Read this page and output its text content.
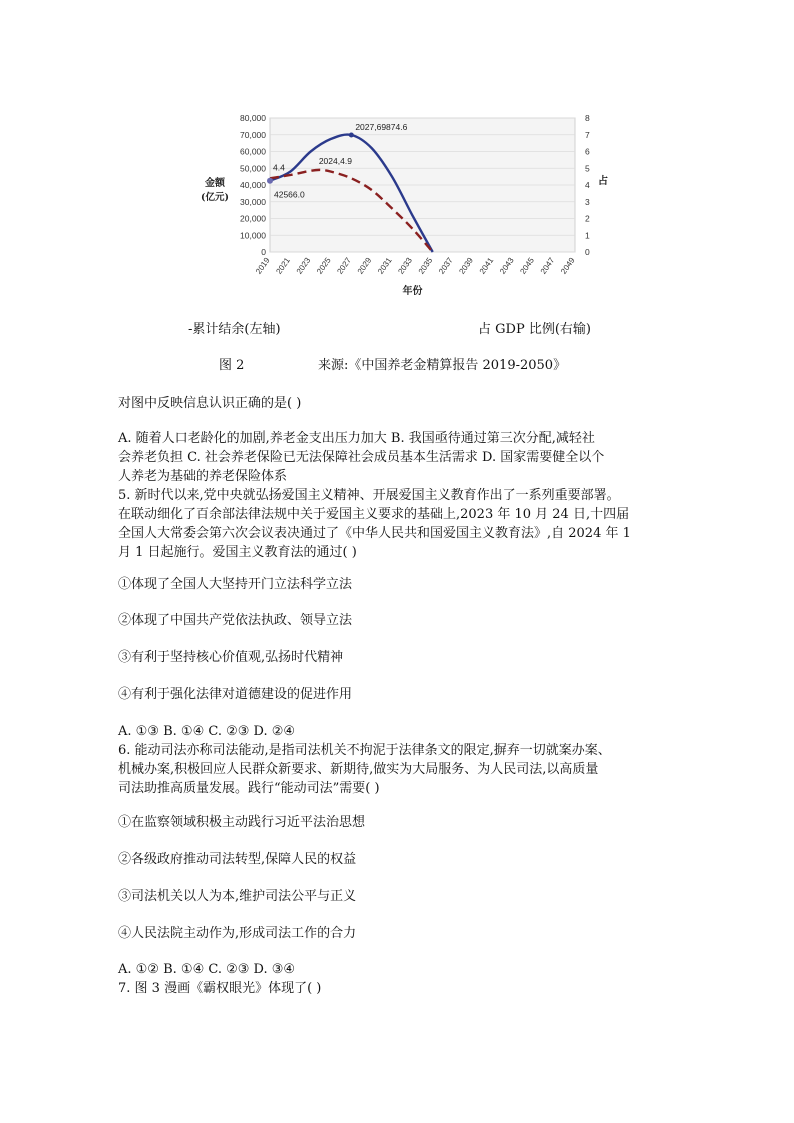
0
10,000
20,000
30,000
40,000
50,000
60,000
70,000
80,000
0
1
2
3
4
5
6
7
8
2019 2021 2023 2025 2027 2029 2031 2033 2035 2037 2039 2041 2043 2045 2047 2049
年份
金额
(亿元)
占
2027,69874.6
2024,4.9
4.4
42566.0
-累计结余(左轴)	占 GDP 比例(右输)
图 2	来源:《中国养老金精算报告 2019-2050》
对图中反映信息认识正确的是( )
A. 随着人口老龄化的加剧,养老金支出压力加大 B. 我国亟待通过第三次分配,减轻社
会养老负担 C. 社会养老保险已无法保障社会成员基本生活需求 D. 国家需要健全以个
人养老为基础的养老保险体系
5. 新时代以来,党中央就弘扬爱国主义精神、开展爱国主义教育作出了一系列重要部署。
在联动细化了百余部法律法规中关于爱国主义要求的基础上,2023 年 10 月 24 日,十四届
全国人大常委会第六次会议表决通过了《中华人民共和国爱国主义教育法》,自 2024 年 1
月 1 日起施行。爱国主义教育法的通过( )
①体现了全国人大坚持开门立法科学立法
②体现了中国共产党依法执政、领导立法
③有利于坚持核心价值观,弘扬时代精神
④有利于强化法律对道德建设的促进作用
A. ①③ B. ①④ C. ②③ D. ②④
6. 能动司法亦称司法能动,是指司法机关不拘泥于法律条文的限定,摒弃一切就案办案、
机械办案,积极回应人民群众新要求、新期待,做实为大局服务、为人民司法,以高质量
司法助推高质量发展。践行“能动司法”需要( )
①在监察领域积极主动践行习近平法治思想
②各级政府推动司法转型,保障人民的权益
③司法机关以人为本,维护司法公平与正义
④人民法院主动作为,形成司法工作的合力
A. ①② B. ①④ C. ②③ D. ③④
7. 图 3 漫画《霸权眼光》体现了( )
